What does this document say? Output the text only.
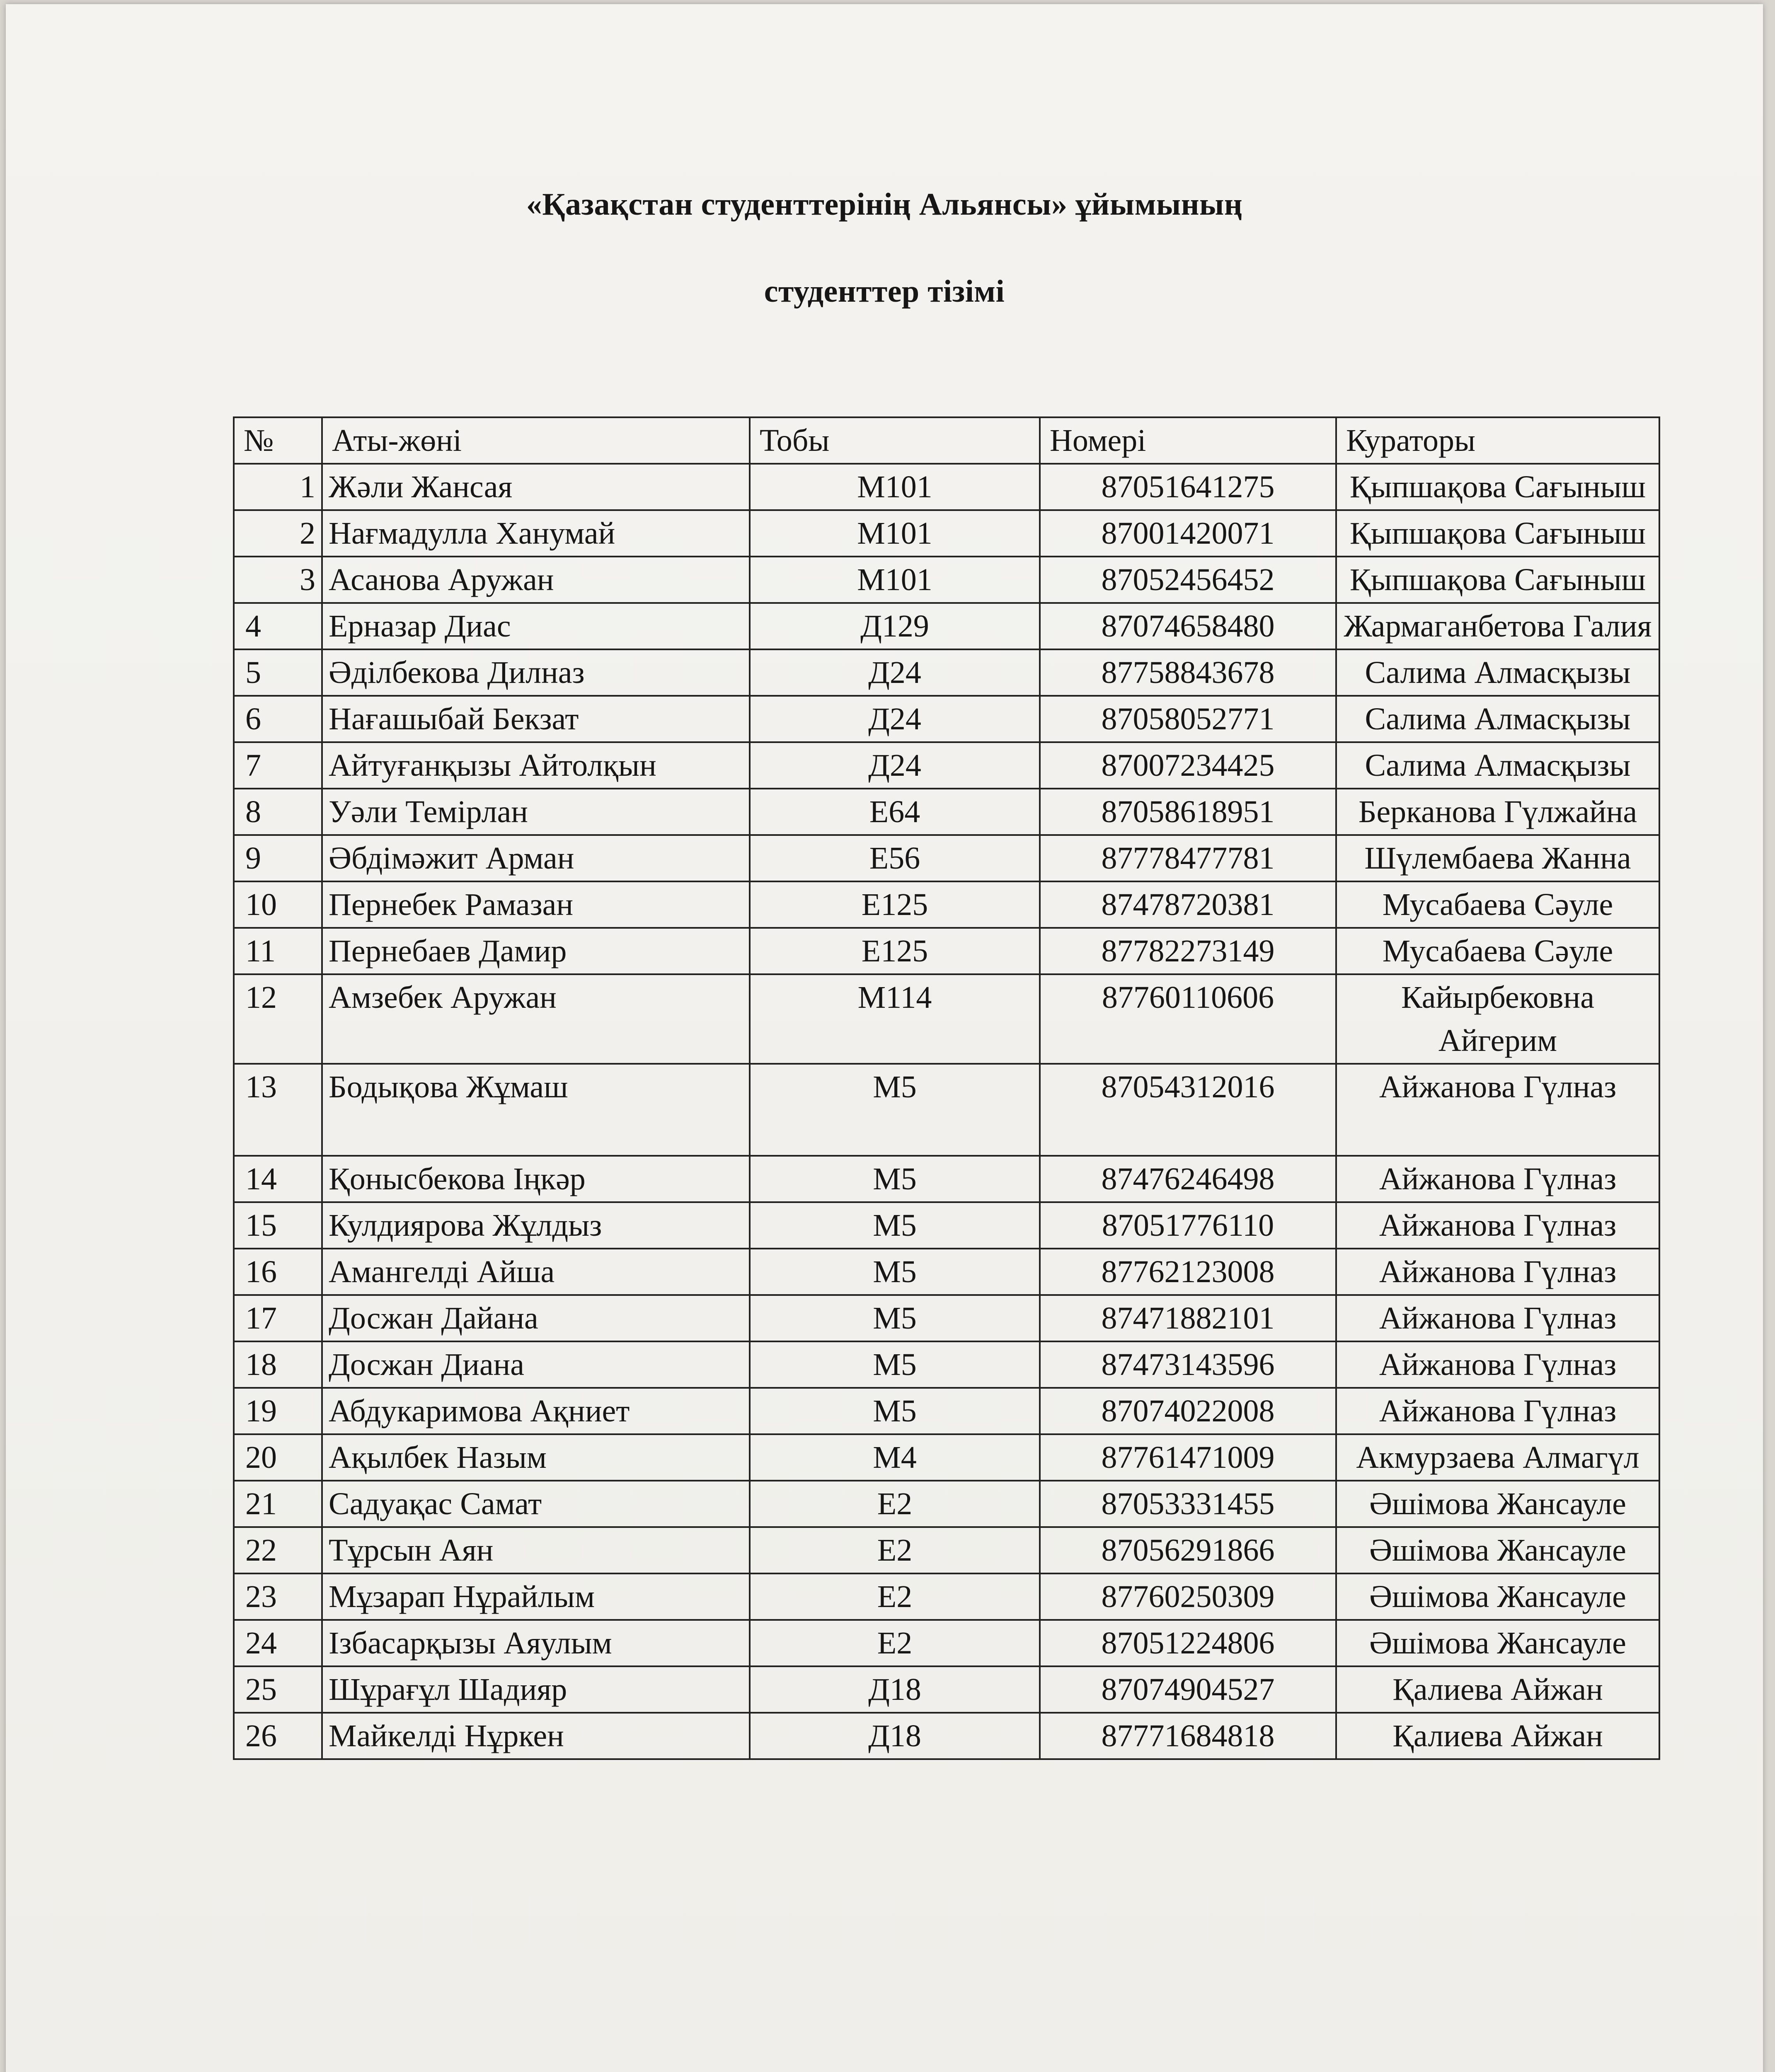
«Қазақстан студенттерінің Альянсы» ұйымының
студенттер тізімі
№	Аты-жөні	Тобы	Номері	Кураторы
1	Жәли Жансая	М101	87051641275	Қыпшақова Сағыныш
2	Нағмадулла Ханумай	М101	87001420071	Қыпшақова Сағыныш
3	Асанова Аружан	М101	87052456452	Қыпшақова Сағыныш
4	Ерназар Диас	Д129	87074658480	Жармаганбетова Галия
5	Әділбекова Дилназ	Д24	87758843678	Салима Алмасқызы
6	Нағашыбай Бекзат	Д24	87058052771	Салима Алмасқызы
7	Айтуғанқызы Айтолқын	Д24	87007234425	Салима Алмасқызы
8	Уәли Темірлан	Е64	87058618951	Берканова Гүлжайна
9	Әбдімәжит Арман	Е56	87778477781	Шүлембаева Жанна
10	Пернебек Рамазан	Е125	87478720381	Мусабаева Сәуле
11	Пернебаев Дамир	Е125	87782273149	Мусабаева Сәуле
12	Амзебек Аружан	М114	87760110606	Кайырбековна Айгерим
13	Бодықова Жұмаш	М5	87054312016	Айжанова Гүлназ
14	Қонысбекова Іңкәр	М5	87476246498	Айжанова Гүлназ
15	Кулдиярова Жұлдыз	М5	87051776110	Айжанова Гүлназ
16	Амангелді Айша	М5	87762123008	Айжанова Гүлназ
17	Досжан Дайана	М5	87471882101	Айжанова Гүлназ
18	Досжан Диана	М5	87473143596	Айжанова Гүлназ
19	Абдукаримова Ақниет	М5	87074022008	Айжанова Гүлназ
20	Ақылбек Назым	М4	87761471009	Акмурзаева Алмагүл
21	Садуақас Самат	Е2	87053331455	Әшімова Жансауле
22	Тұрсын Аян	Е2	87056291866	Әшімова Жансауле
23	Мұзарап Нұрайлым	Е2	87760250309	Әшімова Жансауле
24	Ізбасарқызы Аяулым	Е2	87051224806	Әшімова Жансауле
25	Шұрағұл Шадияр	Д18	87074904527	Қалиева Айжан
26	Майкелді Нұркен	Д18	87771684818	Қалиева Айжан
